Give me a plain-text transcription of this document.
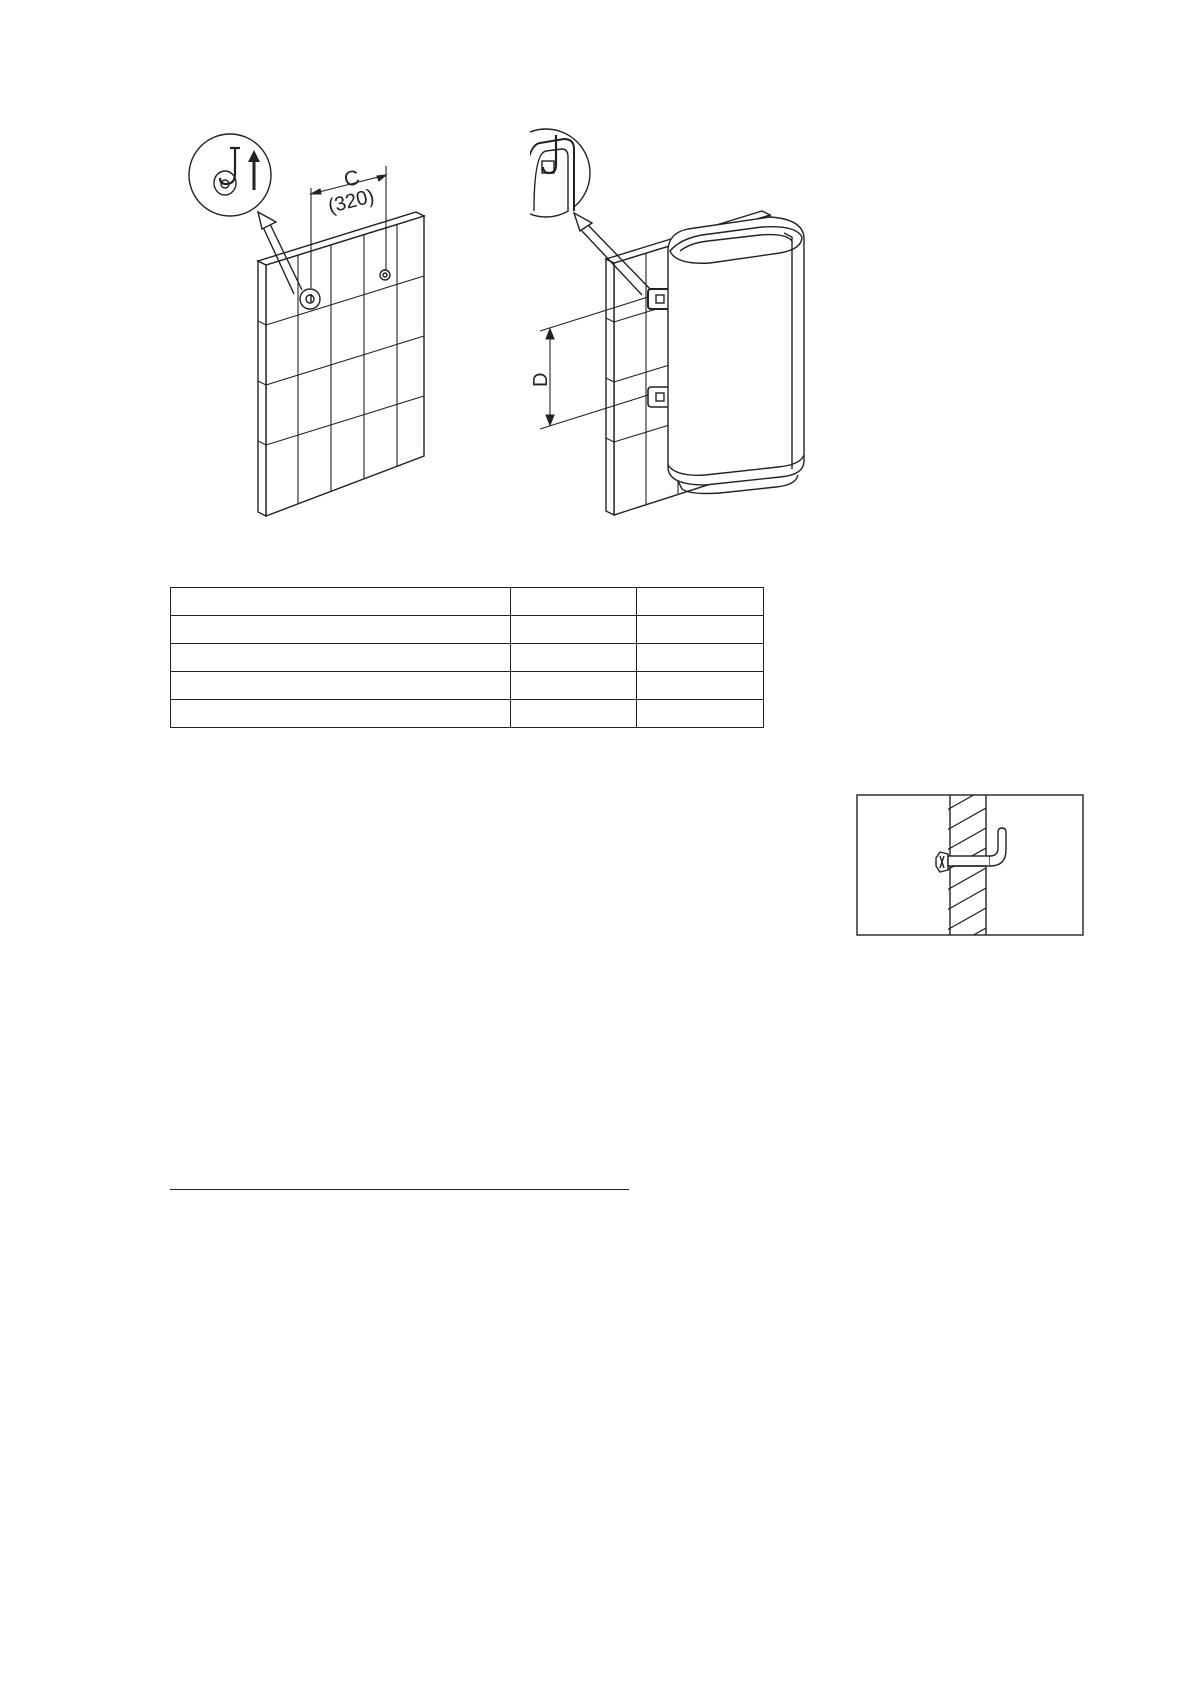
C
(320)
D
